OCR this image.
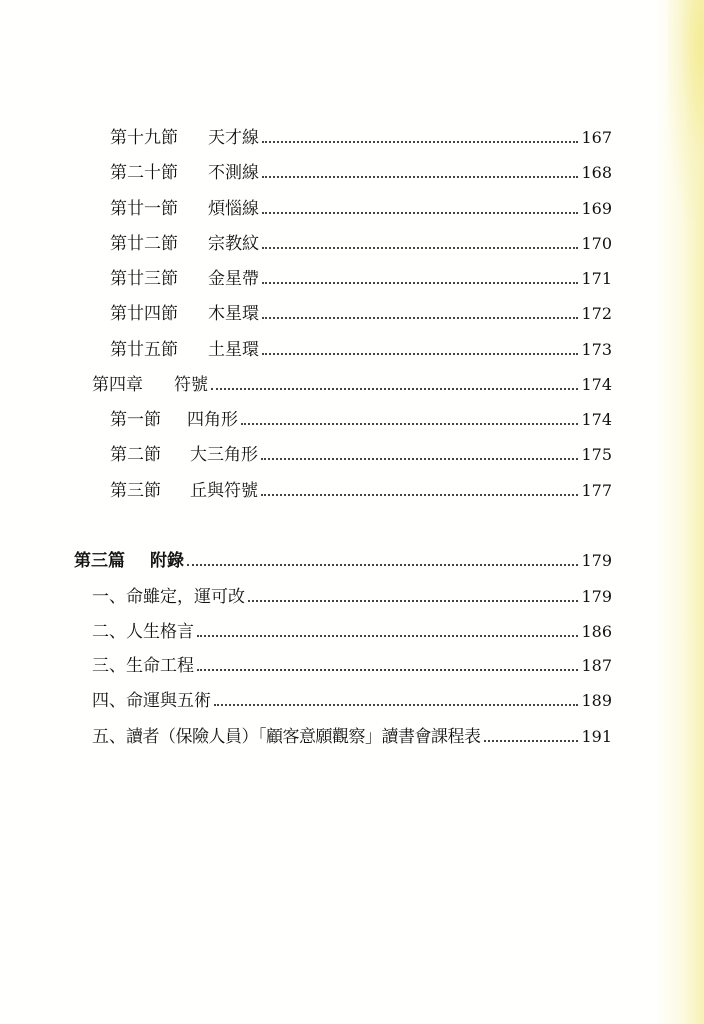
第十九節	天才線	167
第二十節	不測線	168
第廿一節	煩惱線	169
第廿二節	宗教紋	170
第廿三節	金星帶	171
第廿四節	木星環	172
第廿五節	土星環	173
第四章	符號	174
第一節	四角形	174
第二節	大三角形	175
第三節	丘與符號	177
第三篇	附錄	179
一、 命雖定，運可改	179
二、 人生格言	186
三、 生命工程	187
四、 命運與五術	189
五、 讀者（保險人員）「顧客意願觀察」讀書會課程表	191
